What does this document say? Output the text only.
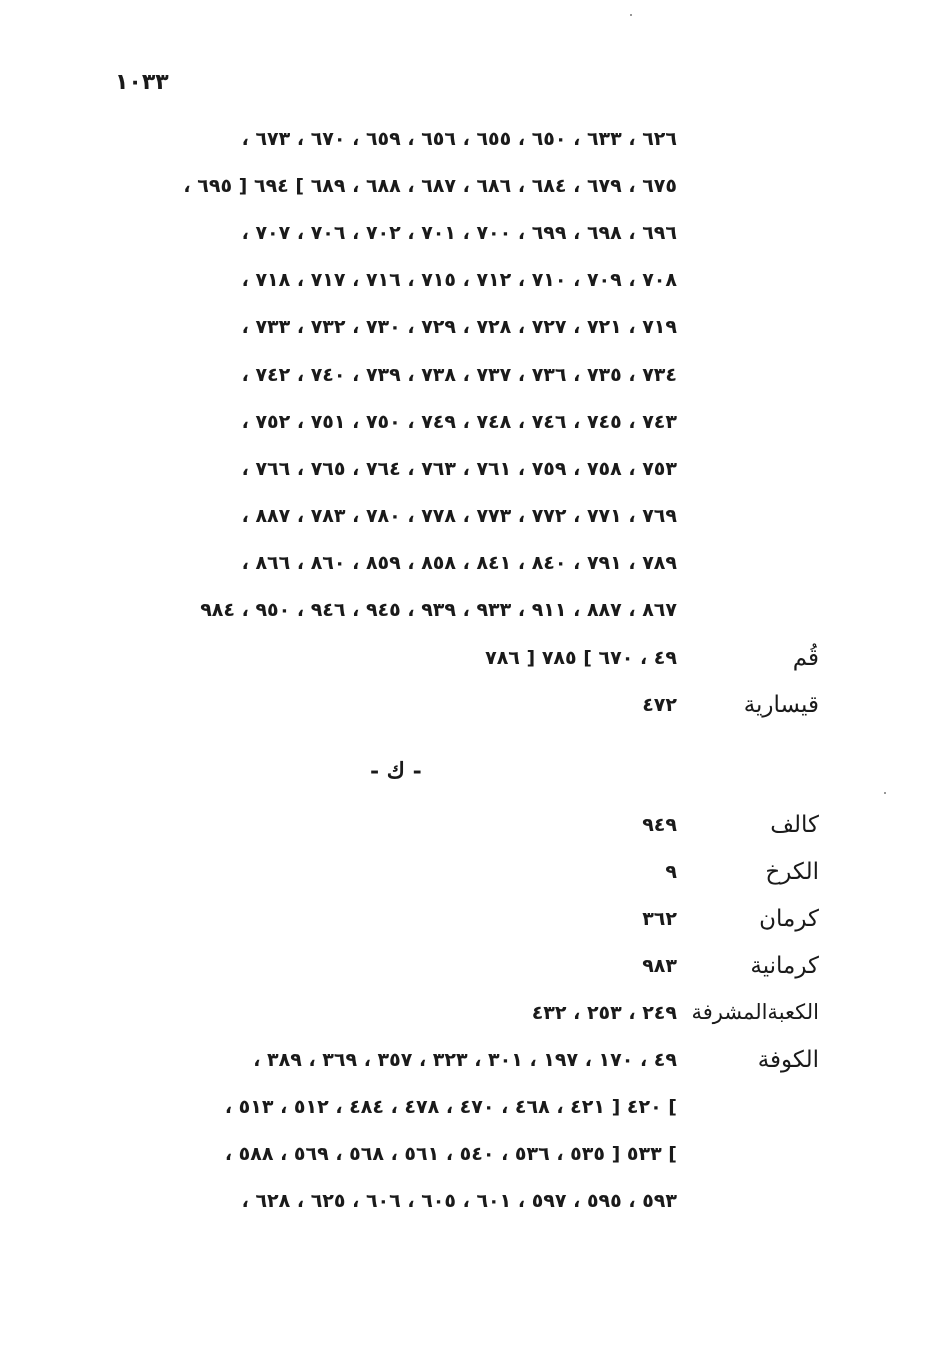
١٠٣٣
٦٢٦ ، ٦٣٣ ، ٦٥٠ ، ٦٥٥ ، ٦٥٦ ، ٦٥٩ ، ٦٧٠ ، ٦٧٣ ،
٦٧٥ ، ٦٧٩ ، ٦٨٤ ، ٦٨٦ ، ٦٨٧ ، ٦٨٨ ، ٦٨٩ ] ٦٩٤ [ ٦٩٥ ،
٦٩٦ ، ٦٩٨ ، ٦٩٩ ، ٧٠٠ ، ٧٠١ ، ٧٠٢ ، ٧٠٦ ، ٧٠٧ ،
٧٠٨ ، ٧٠٩ ، ٧١٠ ، ٧١٢ ، ٧١٥ ، ٧١٦ ، ٧١٧ ، ٧١٨ ،
٧١٩ ، ٧٢١ ، ٧٢٧ ، ٧٢٨ ، ٧٢٩ ، ٧٣٠ ، ٧٣٢ ، ٧٣٣ ،
٧٣٤ ، ٧٣٥ ، ٧٣٦ ، ٧٣٧ ، ٧٣٨ ، ٧٣٩ ، ٧٤٠ ، ٧٤٢ ،
٧٤٣ ، ٧٤٥ ، ٧٤٦ ، ٧٤٨ ، ٧٤٩ ، ٧٥٠ ، ٧٥١ ، ٧٥٢ ،
٧٥٣ ، ٧٥٨ ، ٧٥٩ ، ٧٦١ ، ٧٦٣ ، ٧٦٤ ، ٧٦٥ ، ٧٦٦ ،
٧٦٩ ، ٧٧١ ، ٧٧٢ ، ٧٧٣ ، ٧٧٨ ، ٧٨٠ ، ٧٨٣ ، ٨٨٧ ،
٧٨٩ ، ٧٩١ ، ٨٤٠ ، ٨٤١ ، ٨٥٨ ، ٨٥٩ ، ٨٦٠ ، ٨٦٦ ،
٨٦٧ ، ٨٨٧ ، ٩١١ ، ٩٣٣ ، ٩٣٩ ، ٩٤٥ ، ٩٤٦ ، ٩٥٠ ، ٩٨٤
قُم
٤٩ ، ٦٧٠ ] ٧٨٥ [ ٧٨٦
قيسارية
٤٧٢
- ك -
كالف
٩٤٩
الكرخ
٩
كرمان
٣٦٢
كرمانية
٩٨٣
الكعبةالمشرفة
٢٤٩ ، ٢٥٣ ، ٤٣٢
الكوفة
٤٩ ، ١٧٠ ، ١٩٧ ، ٣٠١ ، ٣٢٣ ، ٣٥٧ ، ٣٦٩ ، ٣٨٩ ،
] ٤٢٠ [ ٤٢١ ، ٤٦٨ ، ٤٧٠ ، ٤٧٨ ، ٤٨٤ ، ٥١٢ ، ٥١٣ ،
] ٥٣٣ [ ٥٣٥ ، ٥٣٦ ، ٥٤٠ ، ٥٦١ ، ٥٦٨ ، ٥٦٩ ، ٥٨٨ ،
٥٩٣ ، ٥٩٥ ، ٥٩٧ ، ٦٠١ ، ٦٠٥ ، ٦٠٦ ، ٦٢٥ ، ٦٢٨ ،
